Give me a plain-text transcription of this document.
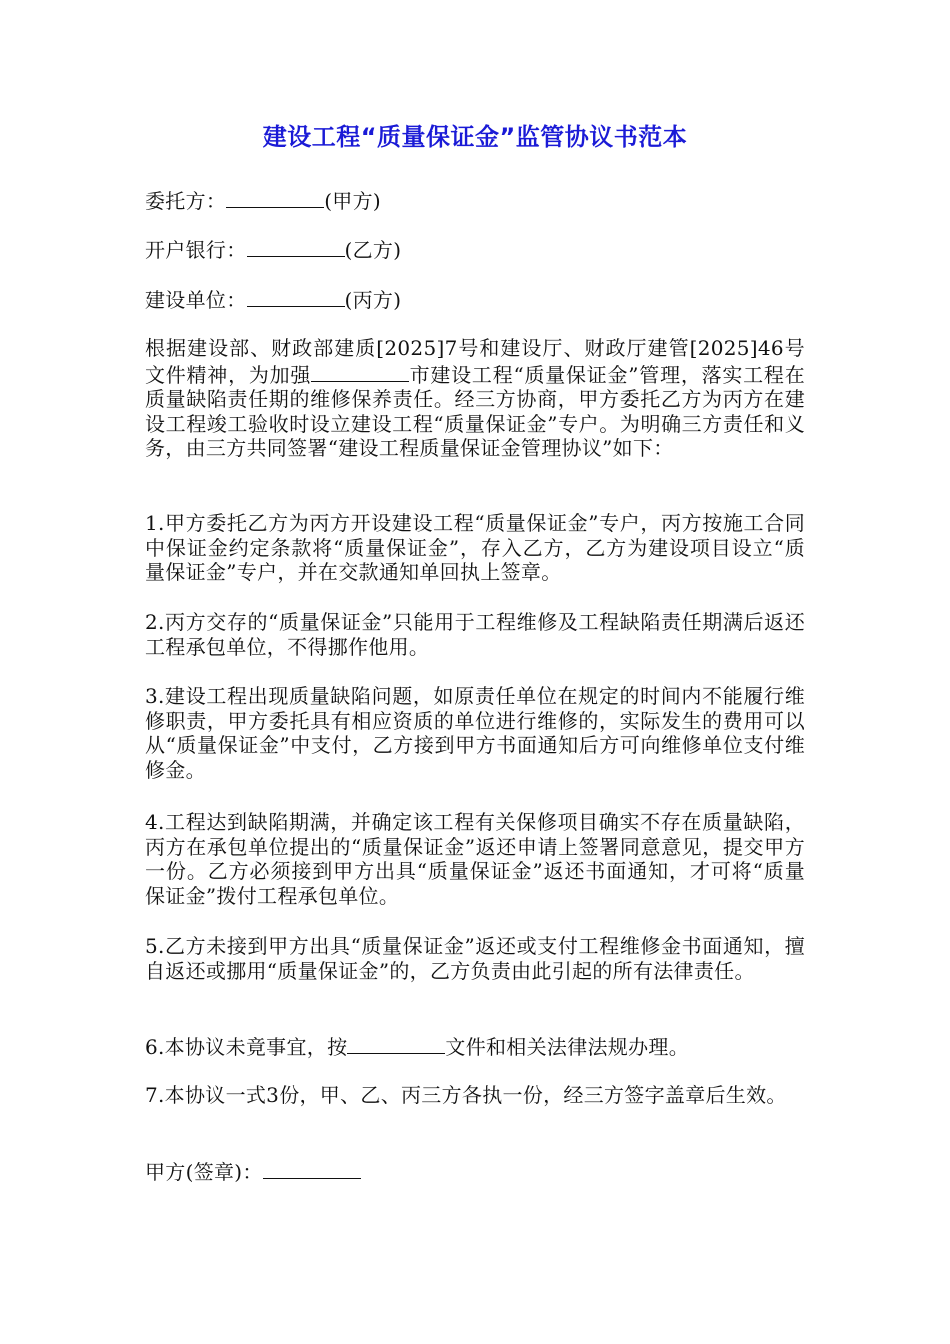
建设工程“质量保证金”监管协议书范本
委托方：	(甲方)
开户银行：	(乙方)
建设单位：	(丙方)
根据建设部、财政部建质[2025]7号和建设厅、财政厅建管[2025]46号文件精神，为加强	市建设工程“质量保证金”管理，落实工程在质量缺陷责任期的维修保养责任。经三方协商，甲方委托乙方为丙方在建设工程竣工验收时设立建设工程“质量保证金”专户。为明确三方责任和义务，由三方共同签署“建设工程质量保证金管理协议”如下：
1.甲方委托乙方为丙方开设建设工程“质量保证金”专户，丙方按施工合同中保证金约定条款将“质量保证金”，存入乙方，乙方为建设项目设立“质量保证金”专户，并在交款通知单回执上签章。
2.丙方交存的“质量保证金”只能用于工程维修及工程缺陷责任期满后返还工程承包单位，不得挪作他用。
3.建设工程出现质量缺陷问题，如原责任单位在规定的时间内不能履行维修职责，甲方委托具有相应资质的单位进行维修的，实际发生的费用可以从“质量保证金”中支付，乙方接到甲方书面通知后方可向维修单位支付维修金。
4.工程达到缺陷期满，并确定该工程有关保修项目确实不存在质量缺陷，丙方在承包单位提出的“质量保证金”返还申请上签署同意意见，提交甲方一份。乙方必须接到甲方出具“质量保证金”返还书面通知，才可将“质量保证金”拨付工程承包单位。
5.乙方未接到甲方出具“质量保证金”返还或支付工程维修金书面通知，擅自返还或挪用“质量保证金”的，乙方负责由此引起的所有法律责任。
6.本协议未竟事宜，按	文件和相关法律法规办理。
7.本协议一式3份，甲、乙、丙三方各执一份，经三方签字盖章后生效。
甲方(签章)：
